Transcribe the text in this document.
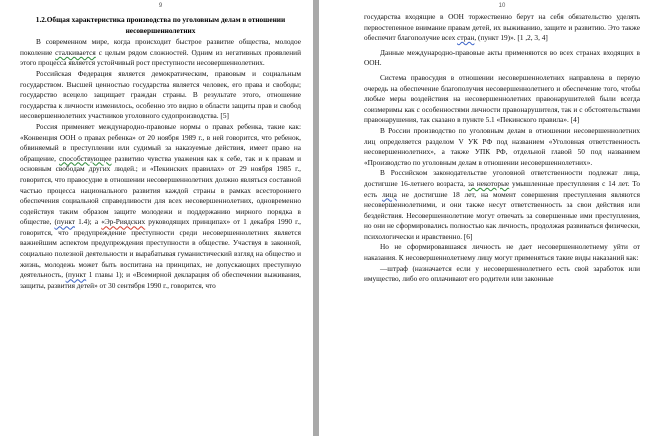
9
1.2.Общая характеристика производства по уголовным делам в отношении несовершеннолетних

В современном мире, когда происходит быстрое развитие общества, молодое поколение сталкивается с целым рядом сложностей. Одним из негативных проявлений этого процесса является устойчивый рост преступности несовершеннолетних.

Российская Федерация является демократическим, правовым и социальным государством. Высшей ценностью государства является человек, его права и свободы; государство всецело защищает граждан страны. В результате этого, отношение государства к личности изменилось, особенно это видно в области защиты прав и свобод несовершеннолетних участников уголовного судопроизводства. [5]

Россия применяет международно-правовые нормы о правах ребенка, такие как: «Конвенция ООН о правах ребенка» от 20 ноября 1989 г., в ней говорится, что ребенок, обвиняемый в преступлении или судимый за наказуемые действия, имеет право на обращение, способствующее развитию чувства уважения как к себе, так и к правам и основным свободам других людей.; и «Пекинских правилах» от 29 ноября 1985 г., говорится, что правосудие в отношении несовершеннолетних должно являться составной частью процесса национального развития каждой страны в рамках всестороннего обеспечения социальной справедливости для всех несовершеннолетних, одновременно содействуя таким образом защите молодежи и поддержанию мирного порядка в обществе, (пункт 1.4); а «Эр-Риядских руководящих принципах» от 1 декабря 1990 г., говорится, что предупреждение преступности среди несовершеннолетних является важнейшим аспектом предупреждения преступности в обществе. Участвуя в законной, социально полезной деятельности и вырабатывая гуманистический взгляд на общество и жизнь, молодежь может быть воспитана на принципах, не допускающих преступную деятельность, (пункт 1 главы 1); и «Всемирной декларация об обеспечении выживания, защиты, развития детей» от 30 сентября 1990 г., говорится, что

10

государства входящие в ООН торжественно берут на себя обязательство уделять первостепенное внимание правам детей, их выживанию, защите и развитию. Это также обеспечит благополучие всех стран, (пункт 19)». [1 ,2, 3, 4]

Данные международно-правовые акты применяются во всех странах входящих в ООН.

Система правосудия в отношении несовершеннолетних направлена в первую очередь на обеспечение благополучия несовершеннолетнего и обеспечение того, чтобы любые меры воздействия на несовершеннолетних правонарушителей были всегда соизмеримы как с особенностями личности правонарушителя, так и с обстоятельствами правонарушения, так сказано в пункте 5.1 «Пекинского правила». [4]

В России производство по уголовным делам в отношении несовершеннолетних лиц определяется разделом V УК РФ под названием «Уголовная ответственность несовершеннолетних», а также УПК РФ, отдельной главой 50 под названием «Производство по уголовным делам в отношении несовершеннолетних».

В Российском законодательстве уголовной ответственности подлежат лица, достигшие 16-летнего возраста, за некоторые умышленные преступления с 14 лет. То есть лица не достигшие 18 лет, на момент совершения преступления являются несовершеннолетними, и они также несут ответственность за свои действия или бездействия. Несовершеннолетние могут отвечать за совершенные ими преступления, но они не сформировались полностью как личность, продолжая развиваться физически, психологически и нравственно. [6]

Но не сформировавшаяся личность не дает несовершеннолетнему уйти от наказания. К несовершеннолетнему лицу могут применяться такие виды наказаний как:

—штраф (назначается если у несовершеннолетнего есть свой заработок или имущество, либо его оплачивают его родители или законные
